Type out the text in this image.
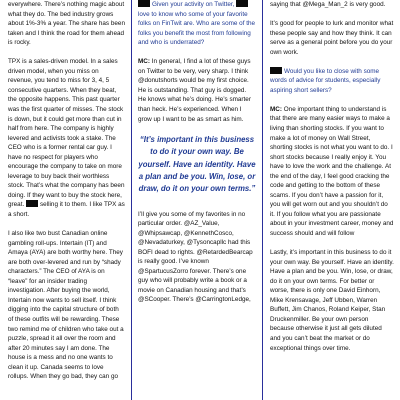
everywhere. There’s nothing magic about what they do. The bed industry grows about 1%-3% a year. The share has been taken and I think the road for them ahead is rocky.

TPX is a sales-driven model. In a sales driven model, when you miss on revenue, you tend to miss for 3, 4, 5 consecutive quarters. When they beat, the opposite happens. This past quarter was the first quarter of misses. The stock is down, but it could get more than cut in half from here. The company is highly levered and activists took a stake. The CEO who is a former rental car guy. I have no respect for players who encourage the company to take on more leverage to buy back their worthless stock. That’s what the company has been doing. If they want to buy the stock here, great. selling it to them. I like TPX as a short.

I also like two bust Canadian online gambling roll-ups. Intertain (IT) and Amaya (AYA) are both worthy here. They are both over-levered and run by “shady characters.” The CEO of AYA is on “leave” for an insider trading investigation. After buying the world, Intertain now wants to sell itself. I think digging into the capital structure of both of these outfits will be rewarding. These two remind me of children who take out a puzzle, spread it all over the room and after 20 minutes say I am done. The house is a mess and no one wants to clean it up. Canada seems to love rollups. When they go bad, they can go

Given your activity on Twitter, love to know who some of your favorite folks on FinTwit are. Who are some of the folks you benefit the most from following and who is underrated?

MC: In general, I find a lot of these guys on Twitter to be very, very sharp. I think @donutshorts would be my first choice. He is outstanding. That guy is dogged. He knows what he’s doing. He’s smarter than heck. He’s experienced. When I grow up I want to be as smart as him.

“It’s important in this business to do it your own way. Be yourself. Have an identity. Have a plan and be you. Win, lose, or draw, do it on your own terms.”

I’ll give you some of my favorites in no particular order. @AZ_Value, @Whipsawcap, @KennethCosco, @Nevadaturkey, @Tysoncapllc had this BOFI dead to rights. @RetardedBearcap is really good. I’ve known @SpartucusZorro forever. There’s one guy who will probably write a book or a movie on Canadian housing and that’s @SCooper. There’s @CarringtonLedge,

saying that @Mega_Man_2 is very good.

It’s good for people to lurk and monitor what these people say and how they think. It can serve as a general point before you do your own work.

Would you like to close with some words of advice for students, especially aspiring short sellers?

MC: One important thing to understand is that there are many easier ways to make a living than shorting stocks. If you want to make a lot of money on Wall Street, shorting stocks is not what you want to do. I short stocks because I really enjoy it. You have to love the work and the challenge. At the end of the day, I feel good cracking the code and getting to the bottom of these scams. If you don’t have a passion for it, you will get worn out and you shouldn’t do it. If you follow what you are passionate about in your investment career, money and success should and will follow

Lastly, it’s important in this business to do it your own way. Be yourself. Have an identity. Have a plan and be you. Win, lose, or draw, do it on your own terms. For better or worse, there is only one David Einhorn, Mike Krensavage, Jeff Ubben, Warren Buffett, Jim Chanos, Roland Keiper, Stan Druckenmiller. Be your own person because otherwise it just all gets diluted and you can’t beat the market or do exceptional things over time.
